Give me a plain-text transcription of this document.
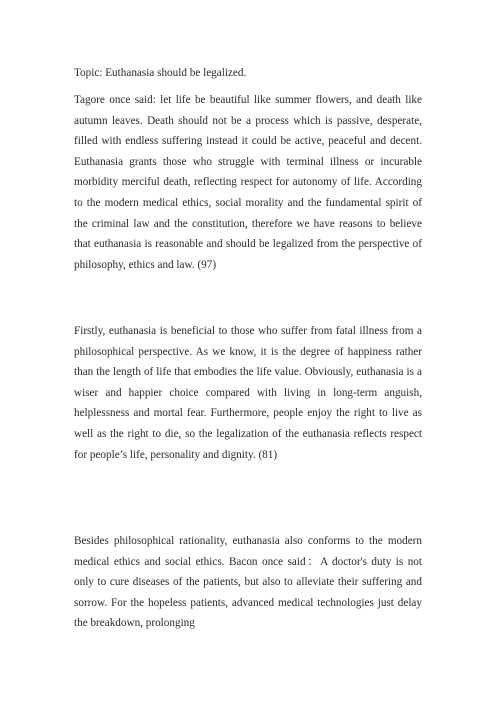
Topic: Euthanasia should be legalized.
Tagore once said: let life be beautiful like summer flowers, and death like autumn leaves. Death should not be a process which is passive, desperate, filled with endless suffering instead it could be active, peaceful and decent. Euthanasia grants those who struggle with terminal illness or incurable morbidity merciful death, reflecting respect for autonomy of life. According to the modern medical ethics, social morality and the fundamental spirit of the criminal law and the constitution, therefore we have reasons to believe that euthanasia is reasonable and should be legalized from the perspective of philosophy, ethics and law. (97)
Firstly, euthanasia is beneficial to those who suffer from fatal illness from a philosophical perspective. As we know, it is the degree of happiness rather than the length of life that embodies the life value. Obviously, euthanasia is a wiser and happier choice compared with living in long-term anguish, helplessness and mortal fear. Furthermore, people enjoy the right to live as well as the right to die, so the legalization of the euthanasia reflects respect for people’s life, personality and dignity. (81)
Besides philosophical rationality, euthanasia also conforms to the modern medical ethics and social ethics. Bacon once said：A doctor's duty is not only to cure diseases of the patients, but also to alleviate their suffering and sorrow. For the hopeless patients, advanced medical technologies just delay the breakdown, prolonging
